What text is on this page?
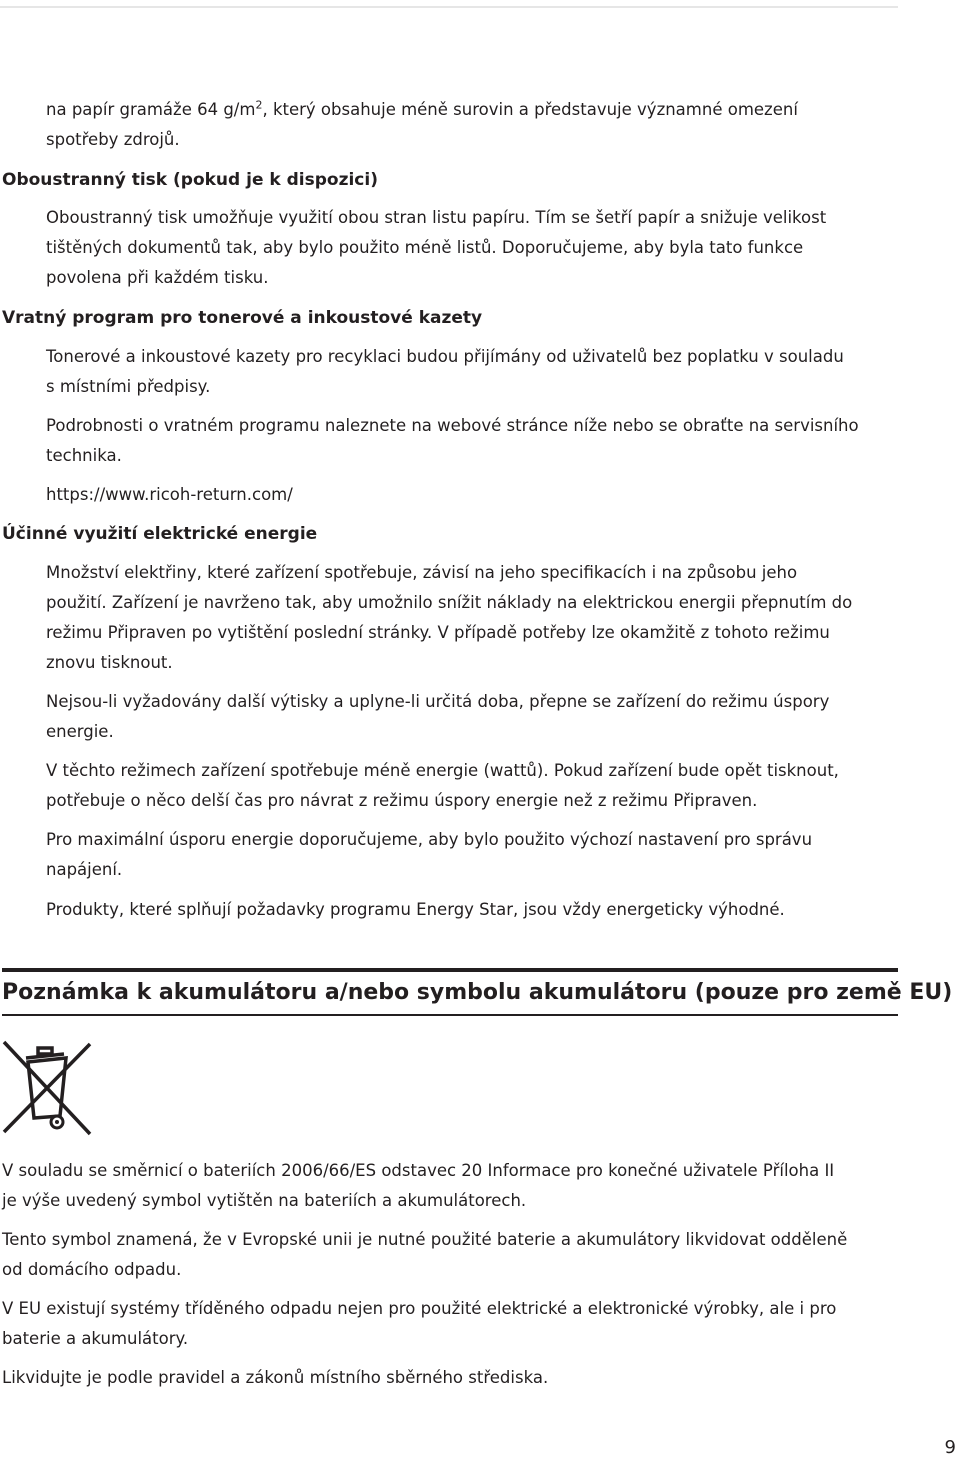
na papír gramáže 64 $g/m^2$, který obsahuje méně surovin a představuje významné omezení

spotřeby zdrojů.

Oboustranný tisk (pokud je k dispozici)

Oboustranný tisk umožňuje využití obou stran listu papíru. Tím se šetří papír a snižuje velikost

tištěných dokumentů tak, aby bylo použito méně listů. Doporučujeme, aby byla tato funkce

povolena při každém tisku.

Vratný program pro tonerové a inkoustové kazety

Tonerové a inkoustové kazety pro recyklaci budou přijímány od uživatelů bez poplatku v souladu

s místními předpisy.

Podrobnosti o vratném programu naleznete na webové stránce níže nebo se obraťte na servisního

technika.

https://www.ricoh-return.com/

Účinné využití elektrické energie

Množství elektřiny, které zařízení spotřebuje, závisí na jeho specifikacích i na způsobu jeho

použití. Zařízení je navrženo tak, aby umožnilo snížit náklady na elektrickou energii přepnutím do

režimu Připraven po vytištění poslední stránky. V případě potřeby lze okamžitě z tohoto režimu

znovu tisknout.

Nejsou-li vyžadovány další výtisky a uplyne-li určitá doba, přepne se zařízení do režimu úspory

energie.

V těchto režimech zařízení spotřebuje méně energie (wattů). Pokud zařízení bude opět tisknout,

potřebuje o něco delší čas pro návrat z režimu úspory energie než z režimu Připraven.

Pro maximální úsporu energie doporučujeme, aby bylo použito výchozí nastavení pro správu

napájení.

Produkty, které splňují požadavky programu Energy Star, jsou vždy energeticky výhodné.

Poznámka k akumulátoru a/nebo symbolu akumulátoru (pouze pro země EU)

V souladu se směrnicí o bateriích 2006/66/ES odstavec 20 Informace pro konečné uživatele Příloha II

je výše uvedený symbol vytištěn na bateriích a akumulátorech.

Tento symbol znamená, že v Evropské unii je nutné použité baterie a akumulátory likvidovat odděleně

od domácího odpadu.

V EU existují systémy tříděného odpadu nejen pro použité elektrické a elektronické výrobky, ale i pro

baterie a akumulátory.

Likvidujte je podle pravidel a zákonů místního sběrného střediska.

9
